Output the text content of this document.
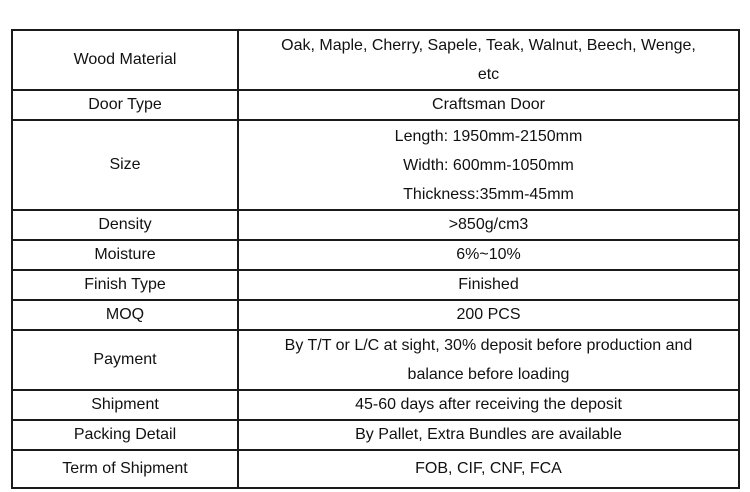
Wood Material	Oak, Maple, Cherry, Sapele, Teak, Walnut, Beech, Wenge,
etc

Door Type	Craftsman Door
Size	Length: 1950mm-2150mm
Width: 600mm-1050mm
Thickness:35mm-45mm

Density	>850g/cm3
Moisture	6%~10%
Finish Type	Finished
MOQ	200 PCS
Payment	By T/T or L/C at sight, 30% deposit before production and
balance before loading

Shipment	45-60 days after receiving the deposit
Packing Detail	By Pallet, Extra Bundles are available
Term of Shipment	FOB, CIF, CNF, FCA
